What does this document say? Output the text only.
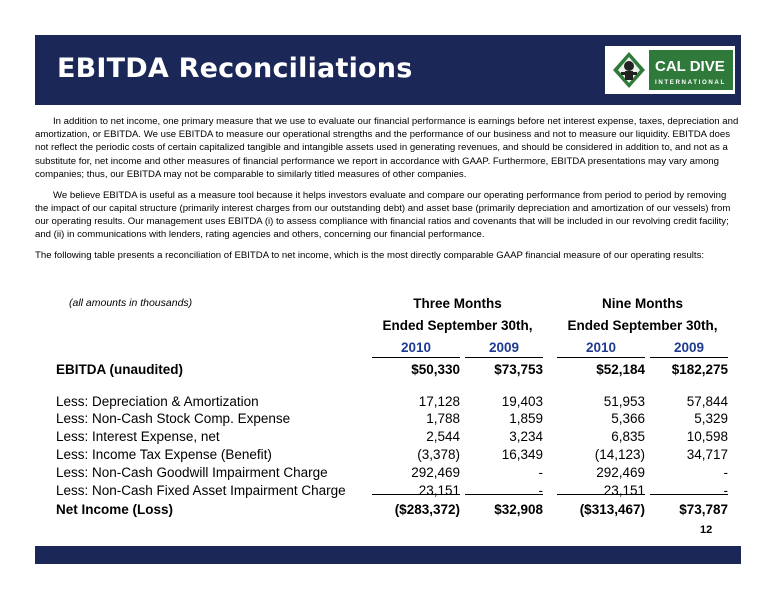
EBITDA Reconciliations	CAL DIVE
INTERNATIONAL

In addition to net income, one primary measure that we use to evaluate our financial performance is earnings before net interest expense, taxes, depreciation and amortization, or EBITDA. We use EBITDA to measure our operational strengths and the performance of our business and not to measure our liquidity. EBITDA does not reflect the periodic costs of certain capitalized tangible and intangible assets used in generating revenues, and should be considered in addition to, and not as a substitute for, net income and other measures of financial performance we report in accordance with GAAP. Furthermore, EBITDA presentations may vary among companies; thus, our EBITDA may not be comparable to similarly titled measures of other companies.

We believe EBITDA is useful as a measure tool because it helps investors evaluate and compare our operating performance from period to period by removing the impact of our capital structure (primarily interest charges from our outstanding debt) and asset base (primarily depreciation and amortization of our vessels) from our operating results. Our management uses EBITDA (i) to assess compliance with financial ratios and covenants that will be included in our revolving credit facility; and (ii) in communications with lenders, rating agencies and others, concerning our financial performance.

The following table presents a reconciliation of EBITDA to net income, which is the most directly comparable GAAP financial measure of our operating results:

(all amounts in thousands)	Three Months
Ended September 30th,
Nine Months
Ended September 30th,
2010	2009	2010	2009
EBITDA (unaudited)	$50,330	$73,753	$52,184	$182,275
Less: Depreciation & Amortization	17,128	19,403	51,953	57,844
Less: Non-Cash Stock Comp. Expense	1,788	1,859	5,366	5,329
Less: Interest Expense, net	2,544	3,234	6,835	10,598
Less: Income Tax Expense (Benefit)	(3,378)	16,349	(14,123)	34,717
Less: Non-Cash Goodwill Impairment Charge	292,469	-	292,469	-
Less: Non-Cash Fixed Asset Impairment Charge	23,151	-	23,151	-
Net Income (Loss)	($283,372)	$32,908	($313,467)	$73,787
12
